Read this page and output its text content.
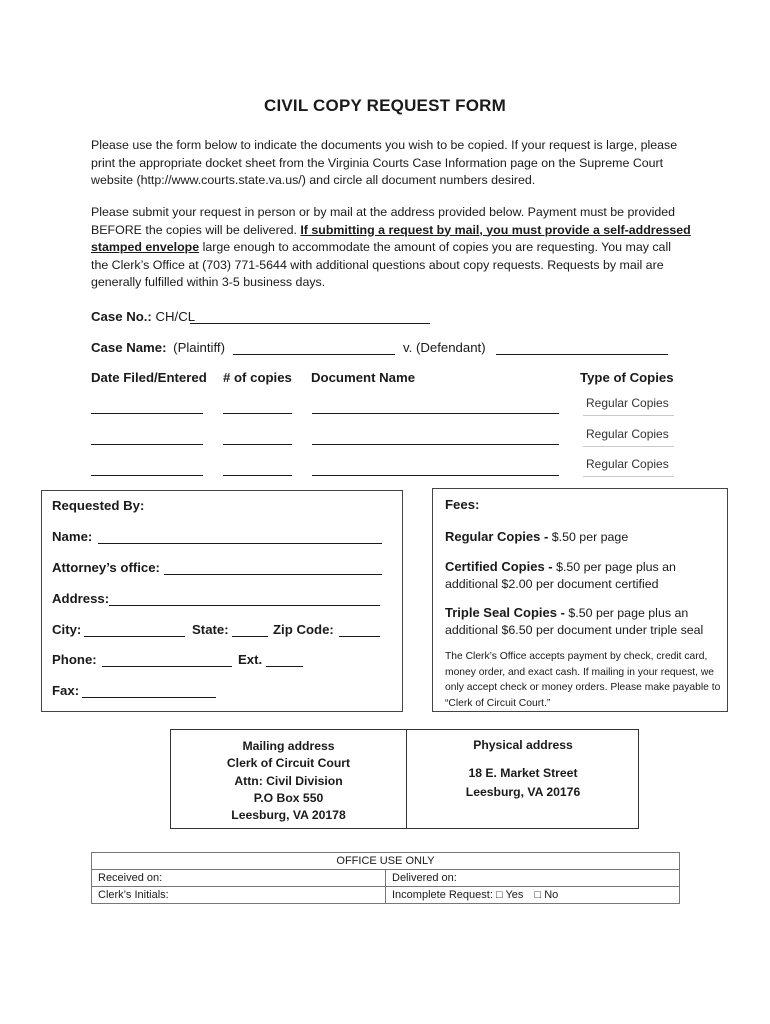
CIVIL COPY REQUEST FORM
Please use the form below to indicate the documents you wish to be copied. If your request is large, please print the appropriate docket sheet from the Virginia Courts Case Information page on the Supreme Court website (http://www.courts.state.va.us/) and circle all document numbers desired.
Please submit your request in person or by mail at the address provided below. Payment must be provided BEFORE the copies will be delivered. If submitting a request by mail, you must provide a self-addressed stamped envelope large enough to accommodate the amount of copies you are requesting. You may call the Clerk’s Office at (703) 771-5644 with additional questions about copy requests. Requests by mail are generally fulfilled within 3-5 business days.
Case No.: CH/CL
Case Name: (Plaintiff)	v. (Defendant)
Date Filed/Entered # of copies Document Name	Type of Copies
Regular Copies
Regular Copies
Regular Copies
Requested By:
Name:
Attorney’s office:
Address:
City:	State:	Zip Code:
Phone:	Ext.
Fax:
Fees:
Regular Copies - $.50 per page
Certified Copies - $.50 per page plus an additional $2.00 per document certified
Triple Seal Copies - $.50 per page plus an additional $6.50 per document under triple seal
The Clerk’s Office accepts payment by check, credit card, money order, and exact cash. If mailing in your request, we only accept check or money orders. Please make payable to “Clerk of Circuit Court.”
Mailing address
Clerk of Circuit Court
Attn: Civil Division
P.O Box 550
Leesburg, VA 20178
Physical address
18 E. Market Street
Leesburg, VA 20176
OFFICE USE ONLY
Received on:	Delivered on:
Clerk’s Initials:	Incomplete Request: □ Yes □ No
